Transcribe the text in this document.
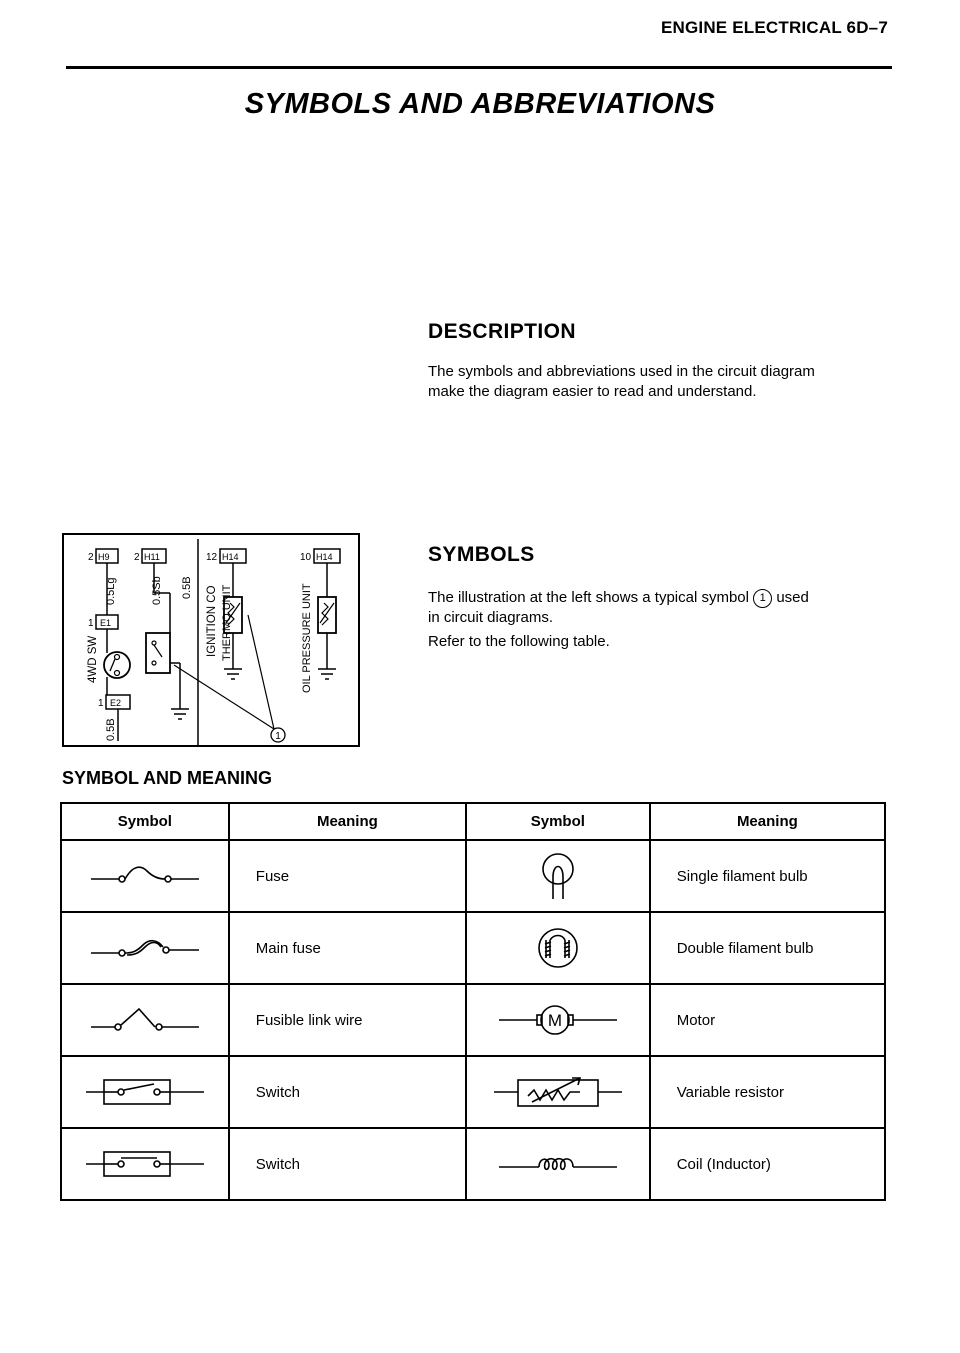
ENGINE ELECTRICAL 6D–7
SYMBOLS AND ABBREVIATIONS
DESCRIPTION
The symbols and abbreviations used in the circuit diagram
make the diagram easier to read and understand.
SYMBOLS
The illustration at the left shows a typical symbol 1 used
in circuit diagrams.
Refer to the following table.
2 H9 2 H11	12 H14	10 H14
1 E1
1 E2
1
0.5Lg	0.5Sb 0.5B
0.5B
4WD SW
IGNITION CO THERMO UNIT	OIL PRESSURE UNIT
SYMBOL AND MEANING
Symbol	Meaning	Symbol	Meaning

	Fuse		Single filament bulb

	Main fuse		Double filament bulb

	Fusible link wire	M	Motor

	Switch		Variable resistor

	Switch		Coil (Inductor)
